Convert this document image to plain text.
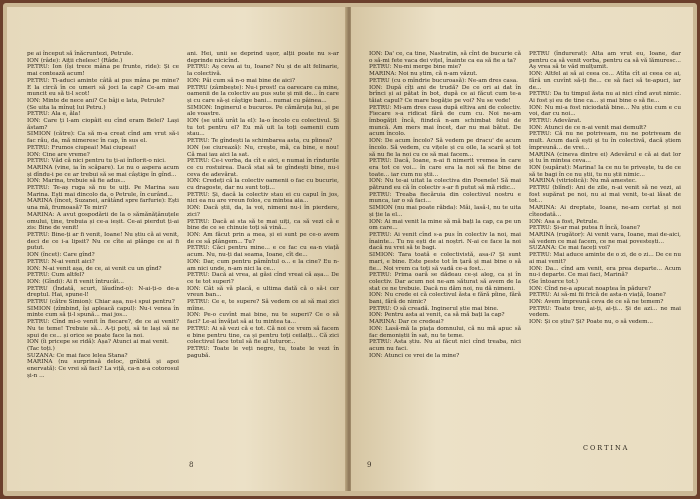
pe ai început să înăcruntezi, Petrule.

ION (râde): Aiții chelesc! (Râde.)

PETRU: Ion (își trece mâna pe frunte, ride): Și ce mai contează acum!

PETRU: Ti-aduci aminte câtă ai pus mâna pe mine? E la circă în ce umeri să joci la cap? Ce-am mai muncit eu să ti-l scot!

ION: Minte de nece ani? Ce bâji e lata, Petrule?

(Se uita la mînuț lui Petru.)

PETRU: Ala e, ăla!

ION: Care ți l-am ciopâit eu cînd eram Belei? Lași ăstam?

SIMION (către): Ca să m-a creat cînd am vrut să-i fac rău, da, mă nimeresc în cap, în sus el.

PETRU: Frumos ciupeai! Mai ciupeai!

ION: Cine are vreme?

PETRU: Văd că nici pentru tu ți-ai înflorit-o nici.

MARINA (vine, ia în scăpare). Le nu o aspera acum și dîndu-i pe ce ar trebui să se mai câștige în gînd...

ION: Marina, trebuie să fie adus...

PETRU: Te-aș ruga să nu te uiți. Pe Marina sau Marina. Ești mai dincolo da, o Petrule, în curând...

MARINA (încet, Suzanei, arătând spre farfurie): Ești una mă, frumoasă? Te miri?

MARINA: A avut gospodării de la o sămănățânuțele omului, ține, trebuia și ce-a ieșit. Ce-ai pierdut ți-ai zis: Bine de venit!

PETRU: Bine-ți ar fi venit, Ioane! Nu știu că ai venit, deci de ce i-a lipsit? Nu ce cîte ai plânge ce ai fi putut.

ION (încet): Care gînd?

PETRU: N-ai venit aici?

ION: N-ai venit așa, de ce, ai venit cu un gînd?

PETRU: Cum altfel?

ION: (Gîndi): Ai fi venit întrucât...

PETRU (Îndată, scurt, lăudînd-o): N-ai-ți-o de-a dreptul. Hai, spune-l!

PETRU (către Simion): Chiar așa, nu-i spui pentru?

SIMION (zîmbind, își apleacă capul): Nu-i venea în minte cum să ți-l spună... mai jos...

PETRU: Cînd mi-o venit în fiecare?, de ce ai venit? Nu te teme! Trebuie să... A-ți poți, să te lași să ne spui de ce... și orice se poate face la noi.

ION (îi pricepe se ridă): Așa? Atunci ai mai venit.

(Tac toți.)

SUZANA: Ce mai face lelea Stana?

MARINA (nu surprinsă deloc, grăbită și apoi enervată): Ce vrei să faci? La viță, ca-n a-a cotorosul și-n ...

ani. Hei, unii se deprind ușor, alții poate nu s-ar deprinde nicicînd.

PETRU: Aș ceva ai tu, Ioane? Nu și de alt felinarie, la colectivă.

ION: Păi cum să n-o mai bine de aici?

PETRU (zâmbește): Nu-i prost! ca oarecare ca mine, oamenii de la colectiv au pus sute și mii de... în care și cu care să-și câștige bani... numai cu pâinea...

SIMION: Inginerul e bucuros. Pe cămăruța lui, și pe ale voastre.

ION (se uită urât la el): Ia-o încolo cu colectivul. Și tu tot pentru el? Eu mă uit la toți oamenii cum stau...

PETRU: Te gîndești la schimbarea asta, cu pîinea?

ION (se ciurează): Nu, crește, mă, ca bine, e nou! Că mai iau aici la sat.

PETRU: Ce-i vorba, da cît e aici, e numai în rîndurile ce cu rostuirea. Dacă stai să te gîndești bine, nu-i ceva de adevărat.

ION: Credeți că la colectiv oamenii o fac cu bucurie, cu dragoste, dar nu sunt toți...

PETRU: Și, dacă la colectiv stau ei cu capul în jos, nici ea nu are vreun folos, cu mintea aia...

ION: Dacă știi, da, la voi, nimeni nu-i în pierdere, zici?

PETRU: Dacă ai sta să te mai uiți, ca să vezi că e bine de ce se chinuie toți să vină...

ION: Am făcut prin a mea, și ei sunt pe ce-o avem de ce să plângem... Tu?

PETRU: Căci pentru mine... e ce fac cu ea-n viață acum. Nu, nu-ți dai seama, Ioane, cît de...

ION: Dar, cum pentru pămîntul o... e la cine? Eu n-am nici unde, n-am nici la ce...

PETRU: Dacă ai vrea, ai găsi cînd vreai că așa... De ce te tot superi?

ION: Cât să vă placă, e ultima dată că o să-i cer vreun ban...

PETRU: Ce e, te supere? Să vedem ce ai să mai zici mîine.

ION: Pe-o cuvînt mai bine, nu te superi? Ce o să faci? Le-ai învățat să ai tu mintea ta...

PETRU: Ai să vezi că e tot. Că noi ce vrem să facem e bine pentru tine, ca și pentru toți ceilalți... Că zici colectivul face totul să fie al tuturor...

PETRU: Toate le veți negre, tu, toate le vezi în pagubă.

8

ION: Da' ce, ca tine, Nastratin, să cînt de bucurie că o să-mi fete vaca dei vițel, înainte ca ea să fie a ta?

PETRU: Nu-mi merge bine mie?

MARINA: Noi nu știm, că n-am văzut.

PETRU (cu o mîndrie bucuroasă): Ne-am dres casa.

ION: După cîți ani de trudă? De ce ori ai dat în brînci și ai pătat în bot, după ce ai făcut cum te-a tăiat capul? Ce mare bogăție pe voi? Nu se vede!

PETRU: Mi-am dres casa după eltiva ani de colectiv. Fiecare s-a ridicat fără de cum cu. Noi ne-am îmbogățit încă, fiindcă n-am schimbat felul de muncă. Am mers mai încet, dar nu mai bătut. De acum încolo.

ION: De acum încolo? Să vedem pe dracu' de acum încolo. Să vedem, cu vițele și cu oile, la scară și tot să nu fie la noi cu ce să mai facem...

PETRU: Dacă, Ioane, n-ai fi nimerit vremea în care era tot ce voi... în care era la noi să fie bine de toate... iar cum nu știi...

ION: Nu te-ai uitat la colectiva din Poenele! Să mai pătrund eu că în colectiv s-ar fi putut să mă ridic...

PETRU: Treaba fiecăruia din colectivul nostru e munca, iar o să faci...

SIMION (nu mai poate răbda): Măi, lasă-l, nu te uita și ție la el...

ION: Ai mai venit la mine să mă bați la cap, ca pe un om care...

PETRU: Ai venit cînd s-a pus în colectiv la noi, mai înainte... Tu nu ești de ai noștri. N-ai ce face la noi dacă nu vrei să te bagi.

SIMION: Tara toată e colectivistă, asa-i? Și sunt mari, e bine. Este peste tot în țară și mai bine o să fie... Noi vrem ca toți să vadă ce-a fost...

PETRU: Prima oară se dădeau ce-și aleg, ca și în colectiv. Dar acum noi ne-am săturat să avem de la stat ce ne trebuie. Dacă nu dăm noi, nu dă nimeni.

ION: Nu crede ei că colectivul ăsta e fără pîine, fără bani, fără de nimic?

PETRU: O să creadă. Inginerul știe mai bine.

ION: Pentru asta ai venit, ca să mă bați la cap?

MARINA: Dar ce credeai?

ION: Lasă-mă la piața domnului, că nu mă apuc să fac demoniștii în sat, nu te teme.

PETRU: Asta știu. Nu ai făcut nici cînd treaba, nici acum nu faci.

ION: Atunci ce vrei de la mine?

PETRU (îndurerat): Alta am vrut eu, Ioane, dar pentru ca să venit vorba, pentru ca să vă lămuresc... Aș vrea să te văd mulțumit.

ION: Altfel ai să ai ceea ce... Atîta cît ai ceea ce ai, fără un cuvînt să-ți fie... ce să faci să te-apuci, iar de...

PETRU: Da tu timpul ăsta nu ai nici cînd avut nimic. Ai fost și eu de tine ca... și mai bine o să fie...

ION: Nu mi-a fost niciodată bine... Nu știu cum e cu voi, dar cu noi...

PETRU: Adevărat.

ION: Atunci de ce n-ai venit mai demult?

PETRU: Că nu ne potriveam, nu ne potriveam de mult. Acum dacă ești și tu în colectivă, dacă știem împreună... de vrei...

MARINA (cineva dintre ei) Adevărul e că ai dat lor și tu în mintea ceva...

ION (supărat): Marina! Ia ce nu te privește, tu de ce să te bagi în ce nu știi, tu nu știi nimic...

MARINA (vitriolică): Nu mă amestec.

PETRU (blînd): Ani de zile, n-ai venit să ne vezi, ai fost supărat pe noi, nu ai mai venit, te-ai lăsat de tot...

MARINA: Ai dreptate, Ioane, ne-am certat și noi cîteodată...

ION: Asa a fost, Petrule.

PETRU: Și-ar mai putea fi încă, Ioane?

MARINA (rugător): Ai venit vara, Ioane, mai de-aici, să vedem ce mai facem, ce ne mai povestești...

SUZANA: Ce mai faceți voi?

PETRU: Mai aduce aminte de o zi, de o zi... De ce nu ai mai venit?

ION: Da... cînd am venit, era prea departe... Acum nu-i departe. Ce mai faci, Marină?

(Se întoarce tot.)

ION: Cînd ne-a apucat noaptea în pădure?

PETRU: Ai să-mi fii frică de asta-n viață, Ioane?

ION: Avem împreună ceva de ce să ne temem?

PETRU: Toate trec, ai-ți, ai-ți... Și de azi... ne mai vedem.

ION: Și ce știu? Și? Poate nu, o să vedem...

CORTINA
9
